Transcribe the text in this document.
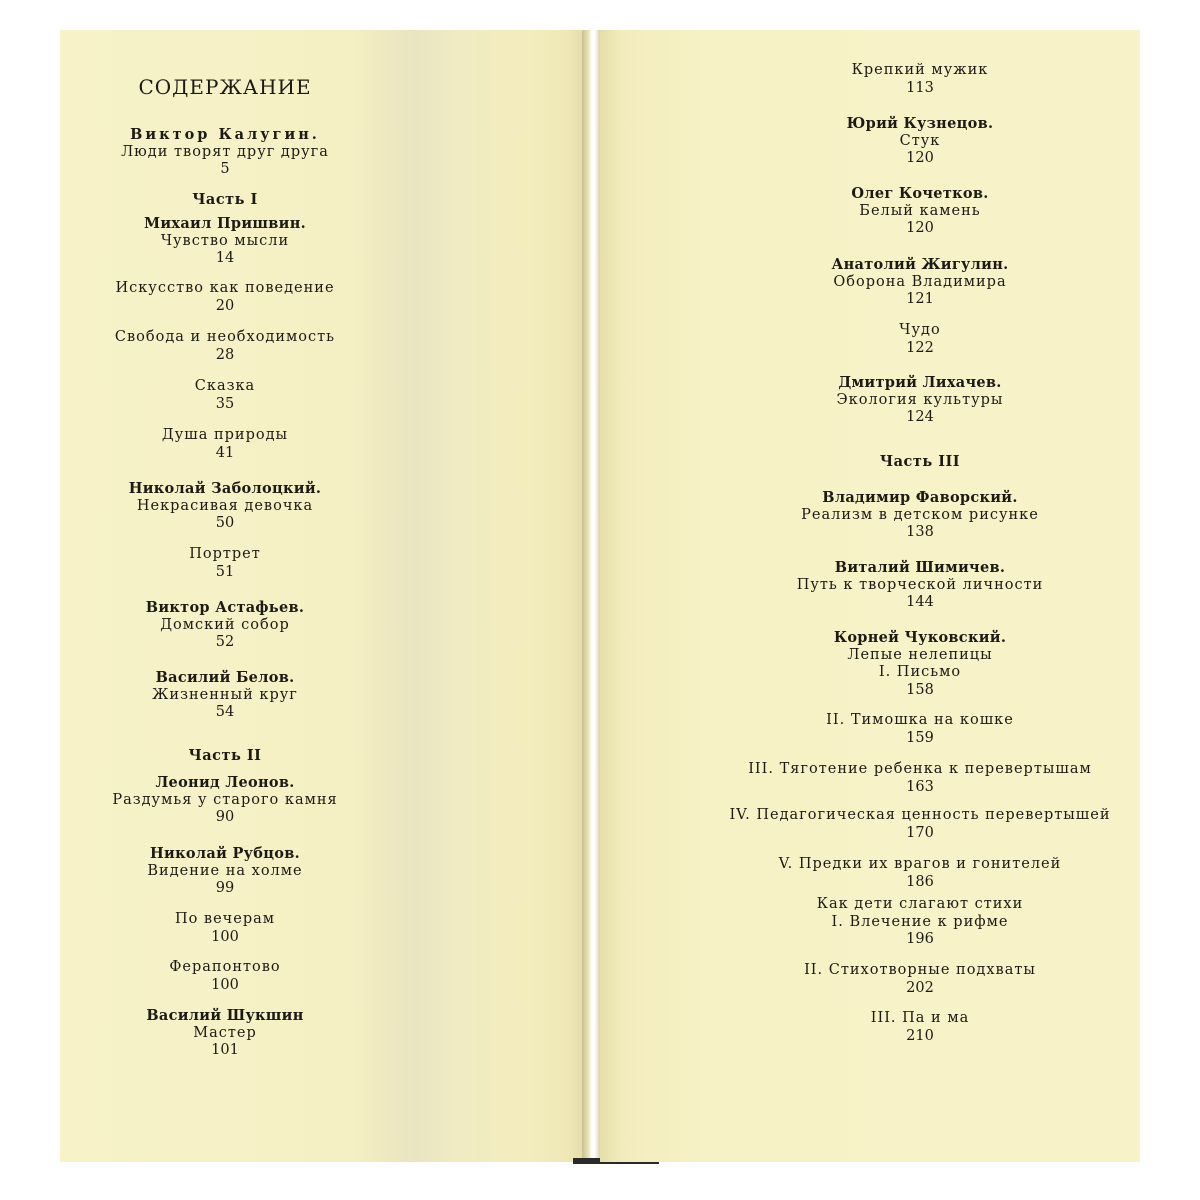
СОДЕРЖАНИЕ
Виктор Калугин.
Люди творят друг друга
5
Часть I
Михаил Пришвин.
Чувство мысли
14
Искусство как поведение
20
Свобода и необходимость
28
Сказка
35
Душа природы
41
Николай Заболоцкий.
Некрасивая девочка
50
Портрет
51
Виктор Астафьев.
Домский собор
52
Василий Белов.
Жизненный круг
54
Часть II
Леонид Леонов.
Раздумья у старого камня
90
Николай Рубцов.
Видение на холме
99
По вечерам
100
Ферапонтово
100
Василий Шукшин
Мастер
101
Крепкий мужик
113
Юрий Кузнецов.
Стук
120
Олег Кочетков.
Белый камень
120
Анатолий Жигулин.
Оборона Владимира
121
Чудо
122
Дмитрий Лихачев.
Экология культуры
124
Часть III
Владимир Фаворский.
Реализм в детском рисунке
138
Виталий Шимичев.
Путь к творческой личности
144
Корней Чуковский.
Лепые нелепицы
I. Письмо
158
II. Тимошка на кошке
159
III. Тяготение ребенка к перевертышам
163
IV. Педагогическая ценность перевертышей
170
V. Предки их врагов и гонителей
186
Как дети слагают стихи
I. Влечение к рифме
196
II. Стихотворные подхваты
202
III. Па и ма
210
